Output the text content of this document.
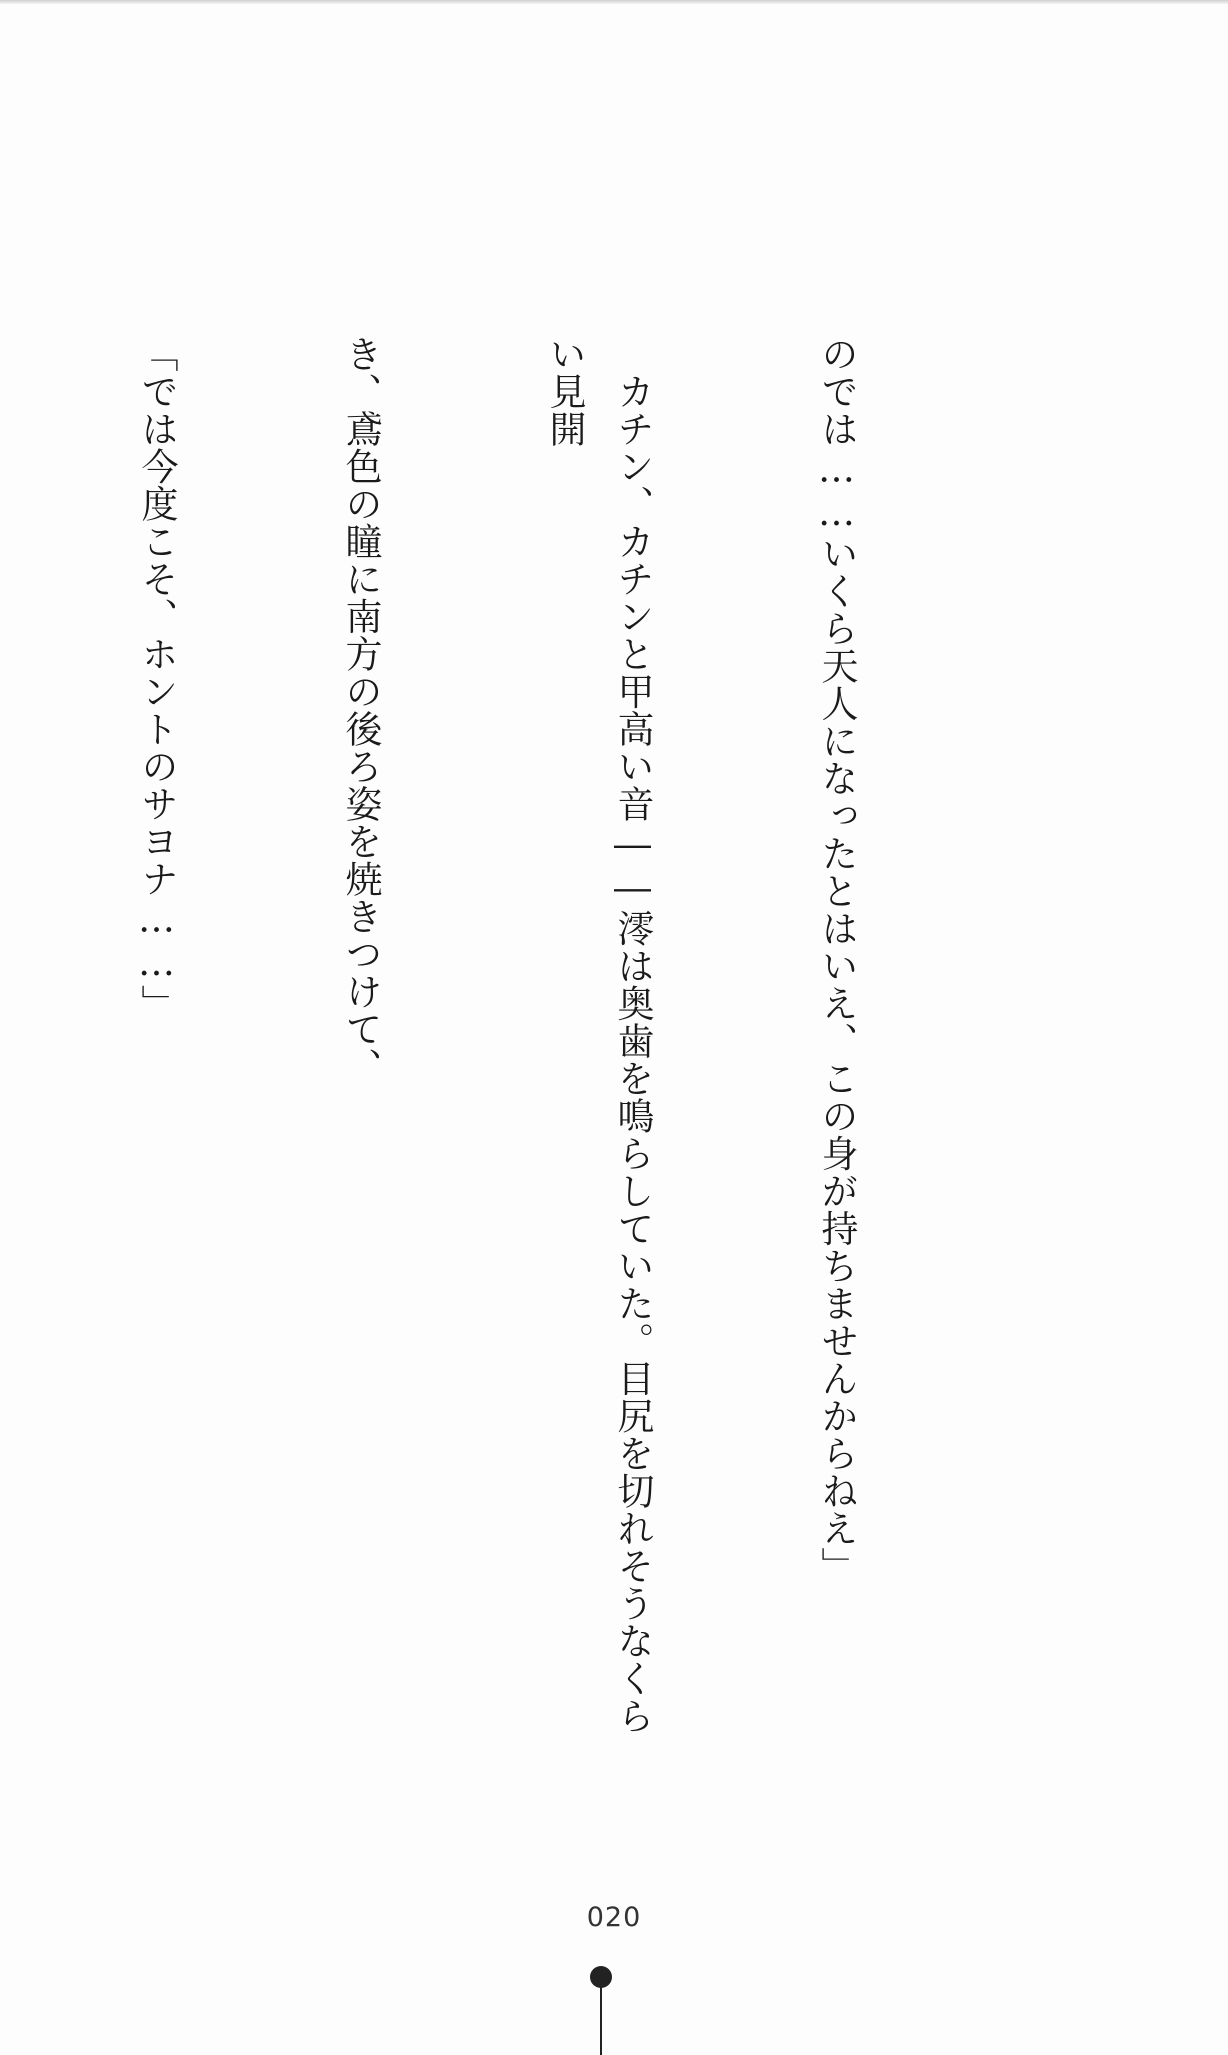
のでは……いくら天人になったとはいえ、この身が持ちませんからねえ」

　カチン、カチンと甲高い音――澪は奥歯を鳴らしていた。目尻を切れそうなくらい見開

き、鳶色の瞳に南方の後ろ姿を焼きつけて、

「では今度こそ、ホントのサヨナ……」

020
